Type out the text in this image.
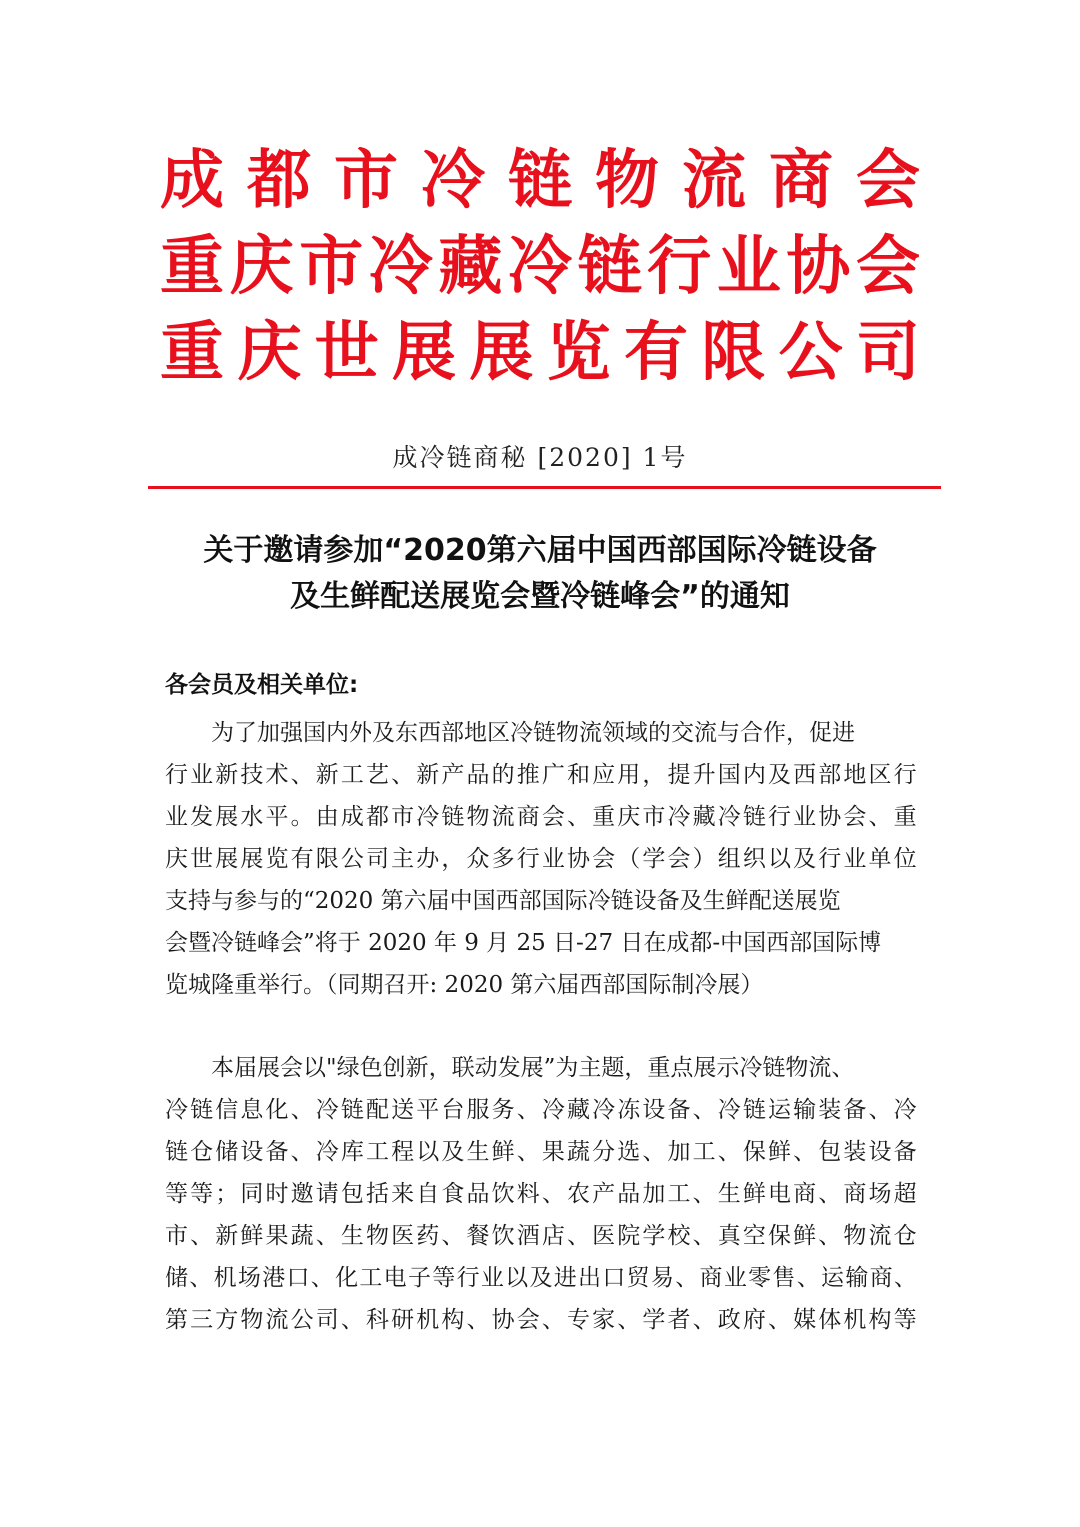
成 都 市 冷 链 物 流 商 会
重 庆 市 冷 藏 冷 链 行 业 协 会
重 庆 世 展 展 览 有 限 公 司
成冷链商秘 [2020] 1号
关于邀请参加“2020第六届中国西部国际冷链设备
及生鲜配送展览会暨冷链峰会”的通知
各会员及相关单位:
为了加强国内外及东西部地区冷链物流领域的交流与合作，促进
行 业 新 技 术 、 新 工 艺 、 新 产 品 的 推 广 和 应 用 ， 提 升 国 内 及 西 部 地 区 行
业 发 展 水 平 。 由 成 都 市 冷 链 物 流 商 会 、 重 庆 市 冷 藏 冷 链 行 业 协 会 、 重
庆 世 展 展 览 有 限 公 司 主 办 ， 众 多 行 业 协 会 （ 学 会 ） 组 织 以 及 行 业 单 位
支持与参与的“2020 第六届中国西部国际冷链设备及生鲜配送展览
会暨冷链峰会”将于 2020 年 9 月 25 日-27 日在成都-中国西部国际博
览城隆重举行。（同期召开: 2020 第六届西部国际制冷展）
本届展会以"绿色创新，联动发展”为主题，重点展示冷链物流、
冷 链 信 息 化 、 冷 链 配 送 平 台 服 务 、 冷 藏 冷 冻 设 备 、 冷 链 运 输 装 备 、 冷
链 仓 储 设 备 、 冷 库 工 程 以 及 生 鲜 、 果 蔬 分 选 、 加 工 、 保 鲜 、 包 装 设 备
等 等 ； 同 时 邀 请 包 括 来 自 食 品 饮 料 、 农 产 品 加 工 、 生 鲜 电 商 、 商 场 超
市 、 新 鲜 果 蔬 、 生 物 医 药 、 餐 饮 酒 店 、 医 院 学 校 、 真 空 保 鲜 、 物 流 仓
储 、 机 场 港 口 、 化 工 电 子 等 行 业 以 及 进 出 口 贸 易 、 商 业 零 售 、 运 输 商 、
第 三 方 物 流 公 司 、 科 研 机 构 、 协 会 、 专 家 、 学 者 、 政 府 、 媒 体 机 构 等
